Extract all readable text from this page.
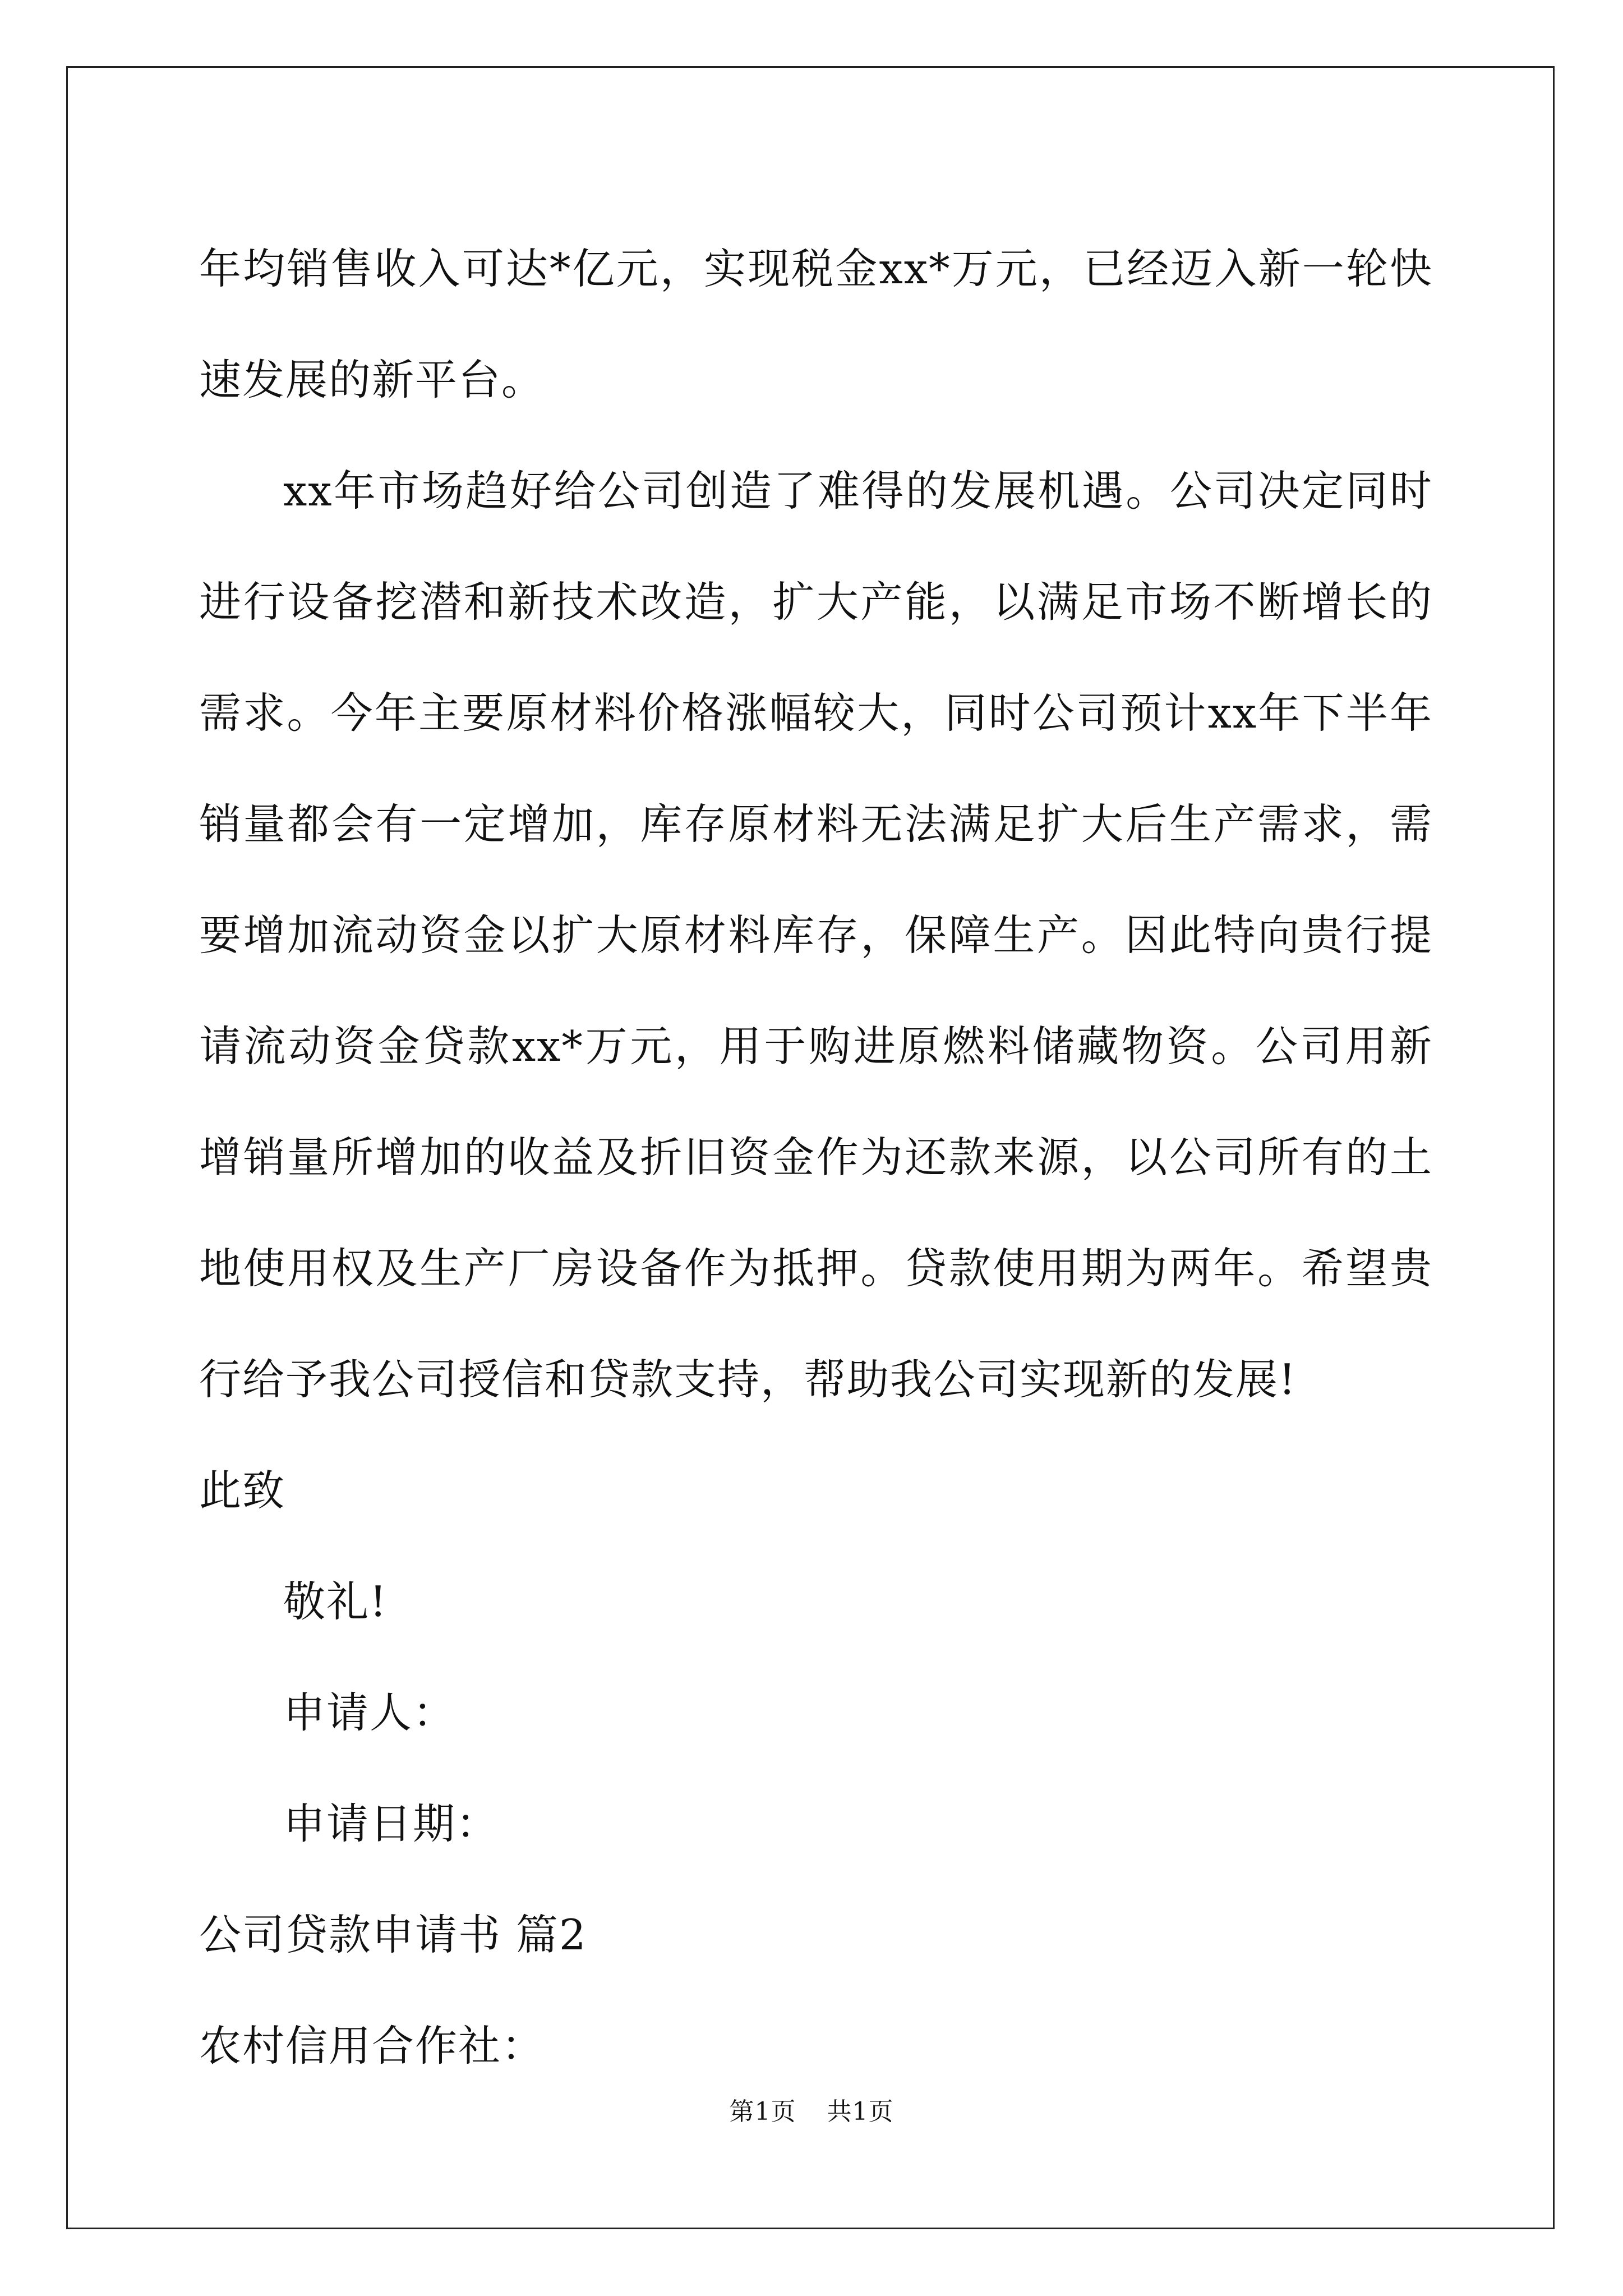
年均销售收入可达*亿元，实现税金xx*万元，已经迈入新一轮快速发展的新平台。

xx年市场趋好给公司创造了难得的发展机遇。公司决定同时进行设备挖潜和新技术改造，扩大产能，以满足市场不断增长的需求。今年主要原材料价格涨幅较大，同时公司预计xx年下半年销量都会有一定增加，库存原材料无法满足扩大后生产需求，需要增加流动资金以扩大原材料库存，保障生产。因此特向贵行提请流动资金贷款xx*万元，用于购进原燃料储藏物资。公司用新增销量所增加的收益及折旧资金作为还款来源，以公司所有的土地使用权及生产厂房设备作为抵押。贷款使用期为两年。希望贵行给予我公司授信和贷款支持，帮助我公司实现新的发展!

此致

敬礼!

申请人：

申请日期：

公司贷款申请书 篇2

农村信用合作社：

第1页 共1页
